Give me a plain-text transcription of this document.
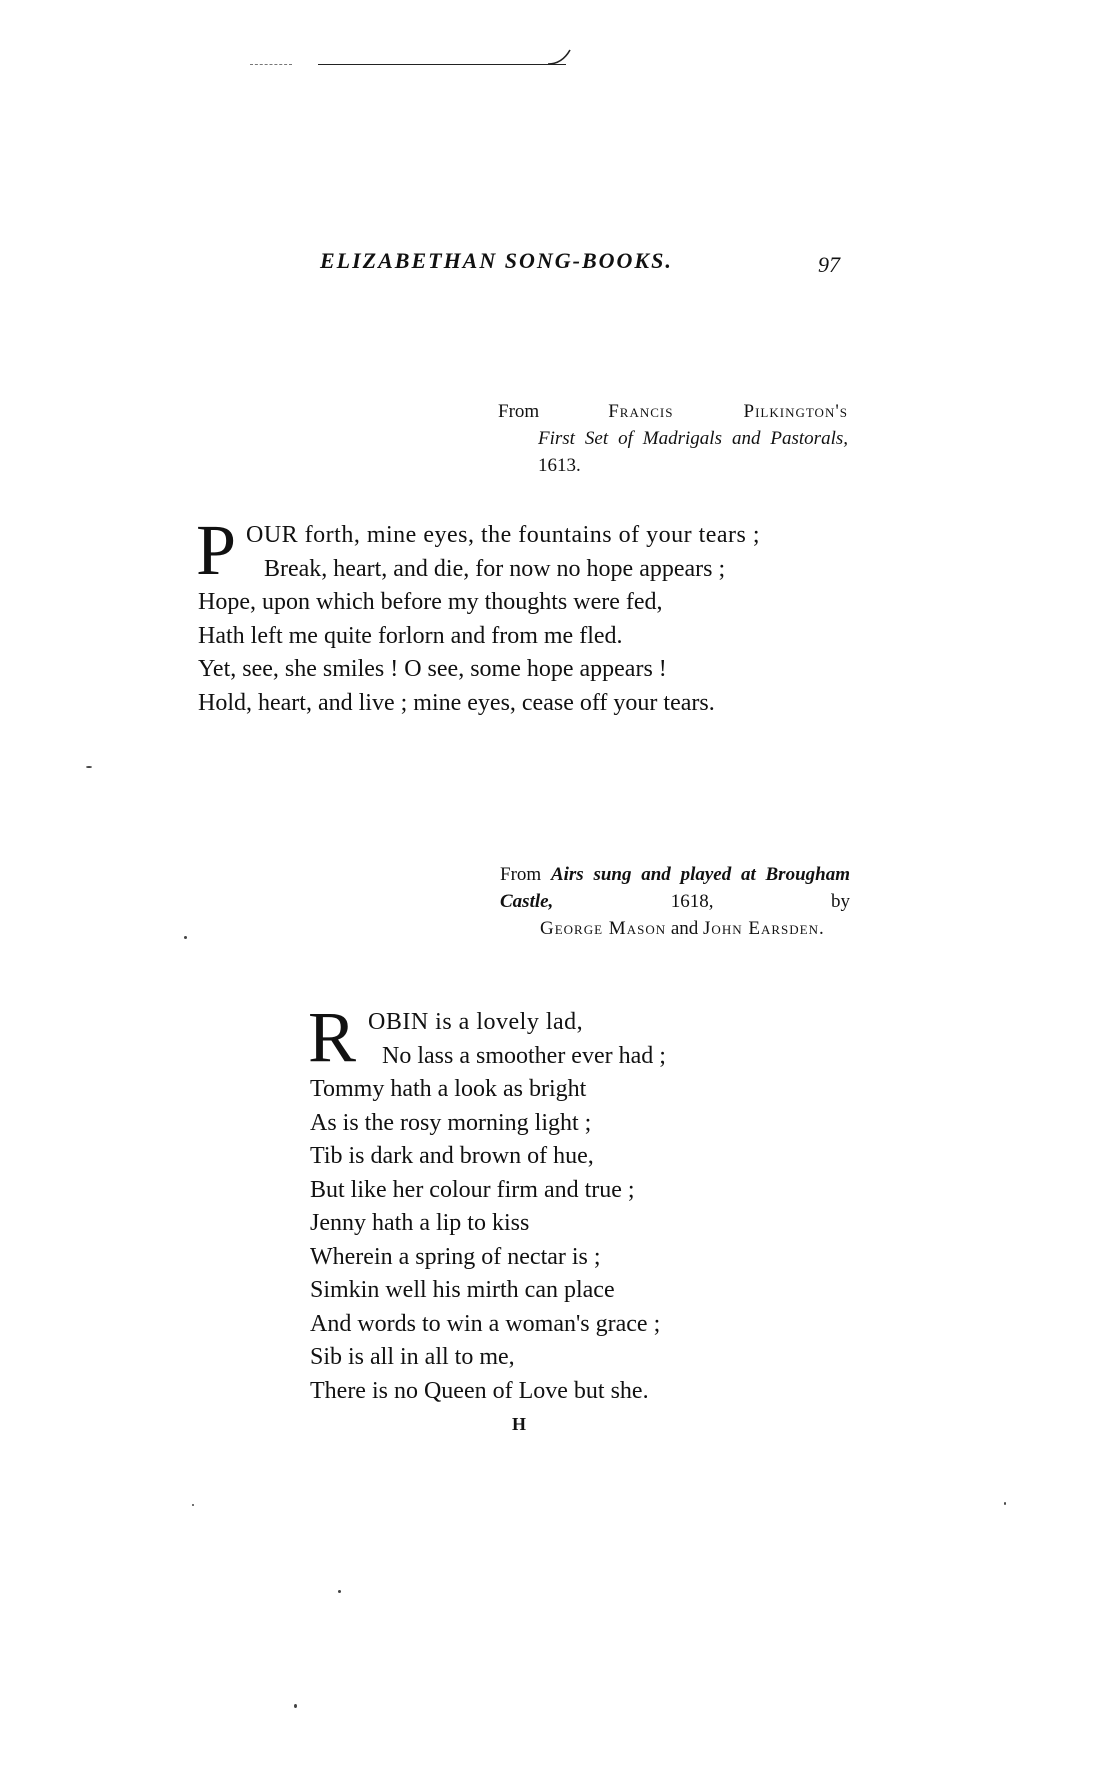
ELIZABETHAN SONG-BOOKS.	97
From	Francis Pilkington's
First Set of Madrigals and Pastorals, 1613.
P OUR forth, mine eyes, the fountains of your tears ;
Break, heart, and die, for now no hope appears ;
Hope, upon which before my thoughts were fed,
Hath left me quite forlorn and from me fled.
Yet, see, she smiles ! O see, some hope appears !
Hold, heart, and live ; mine eyes, cease off your tears.
From Airs sung and played at Brougham Castle,	1618,	by
George Mason and John Earsden.
R OBIN is a lovely lad,
No lass a smoother ever had ;
Tommy hath a look as bright
As is the rosy morning light ;
Tib is dark and brown of hue,
But like her colour firm and true ;
Jenny hath a lip to kiss
Wherein a spring of nectar is ;
Simkin well his mirth can place
And words to win a woman's grace ;
Sib is all in all to me,
There is no Queen of Love but she.
H
